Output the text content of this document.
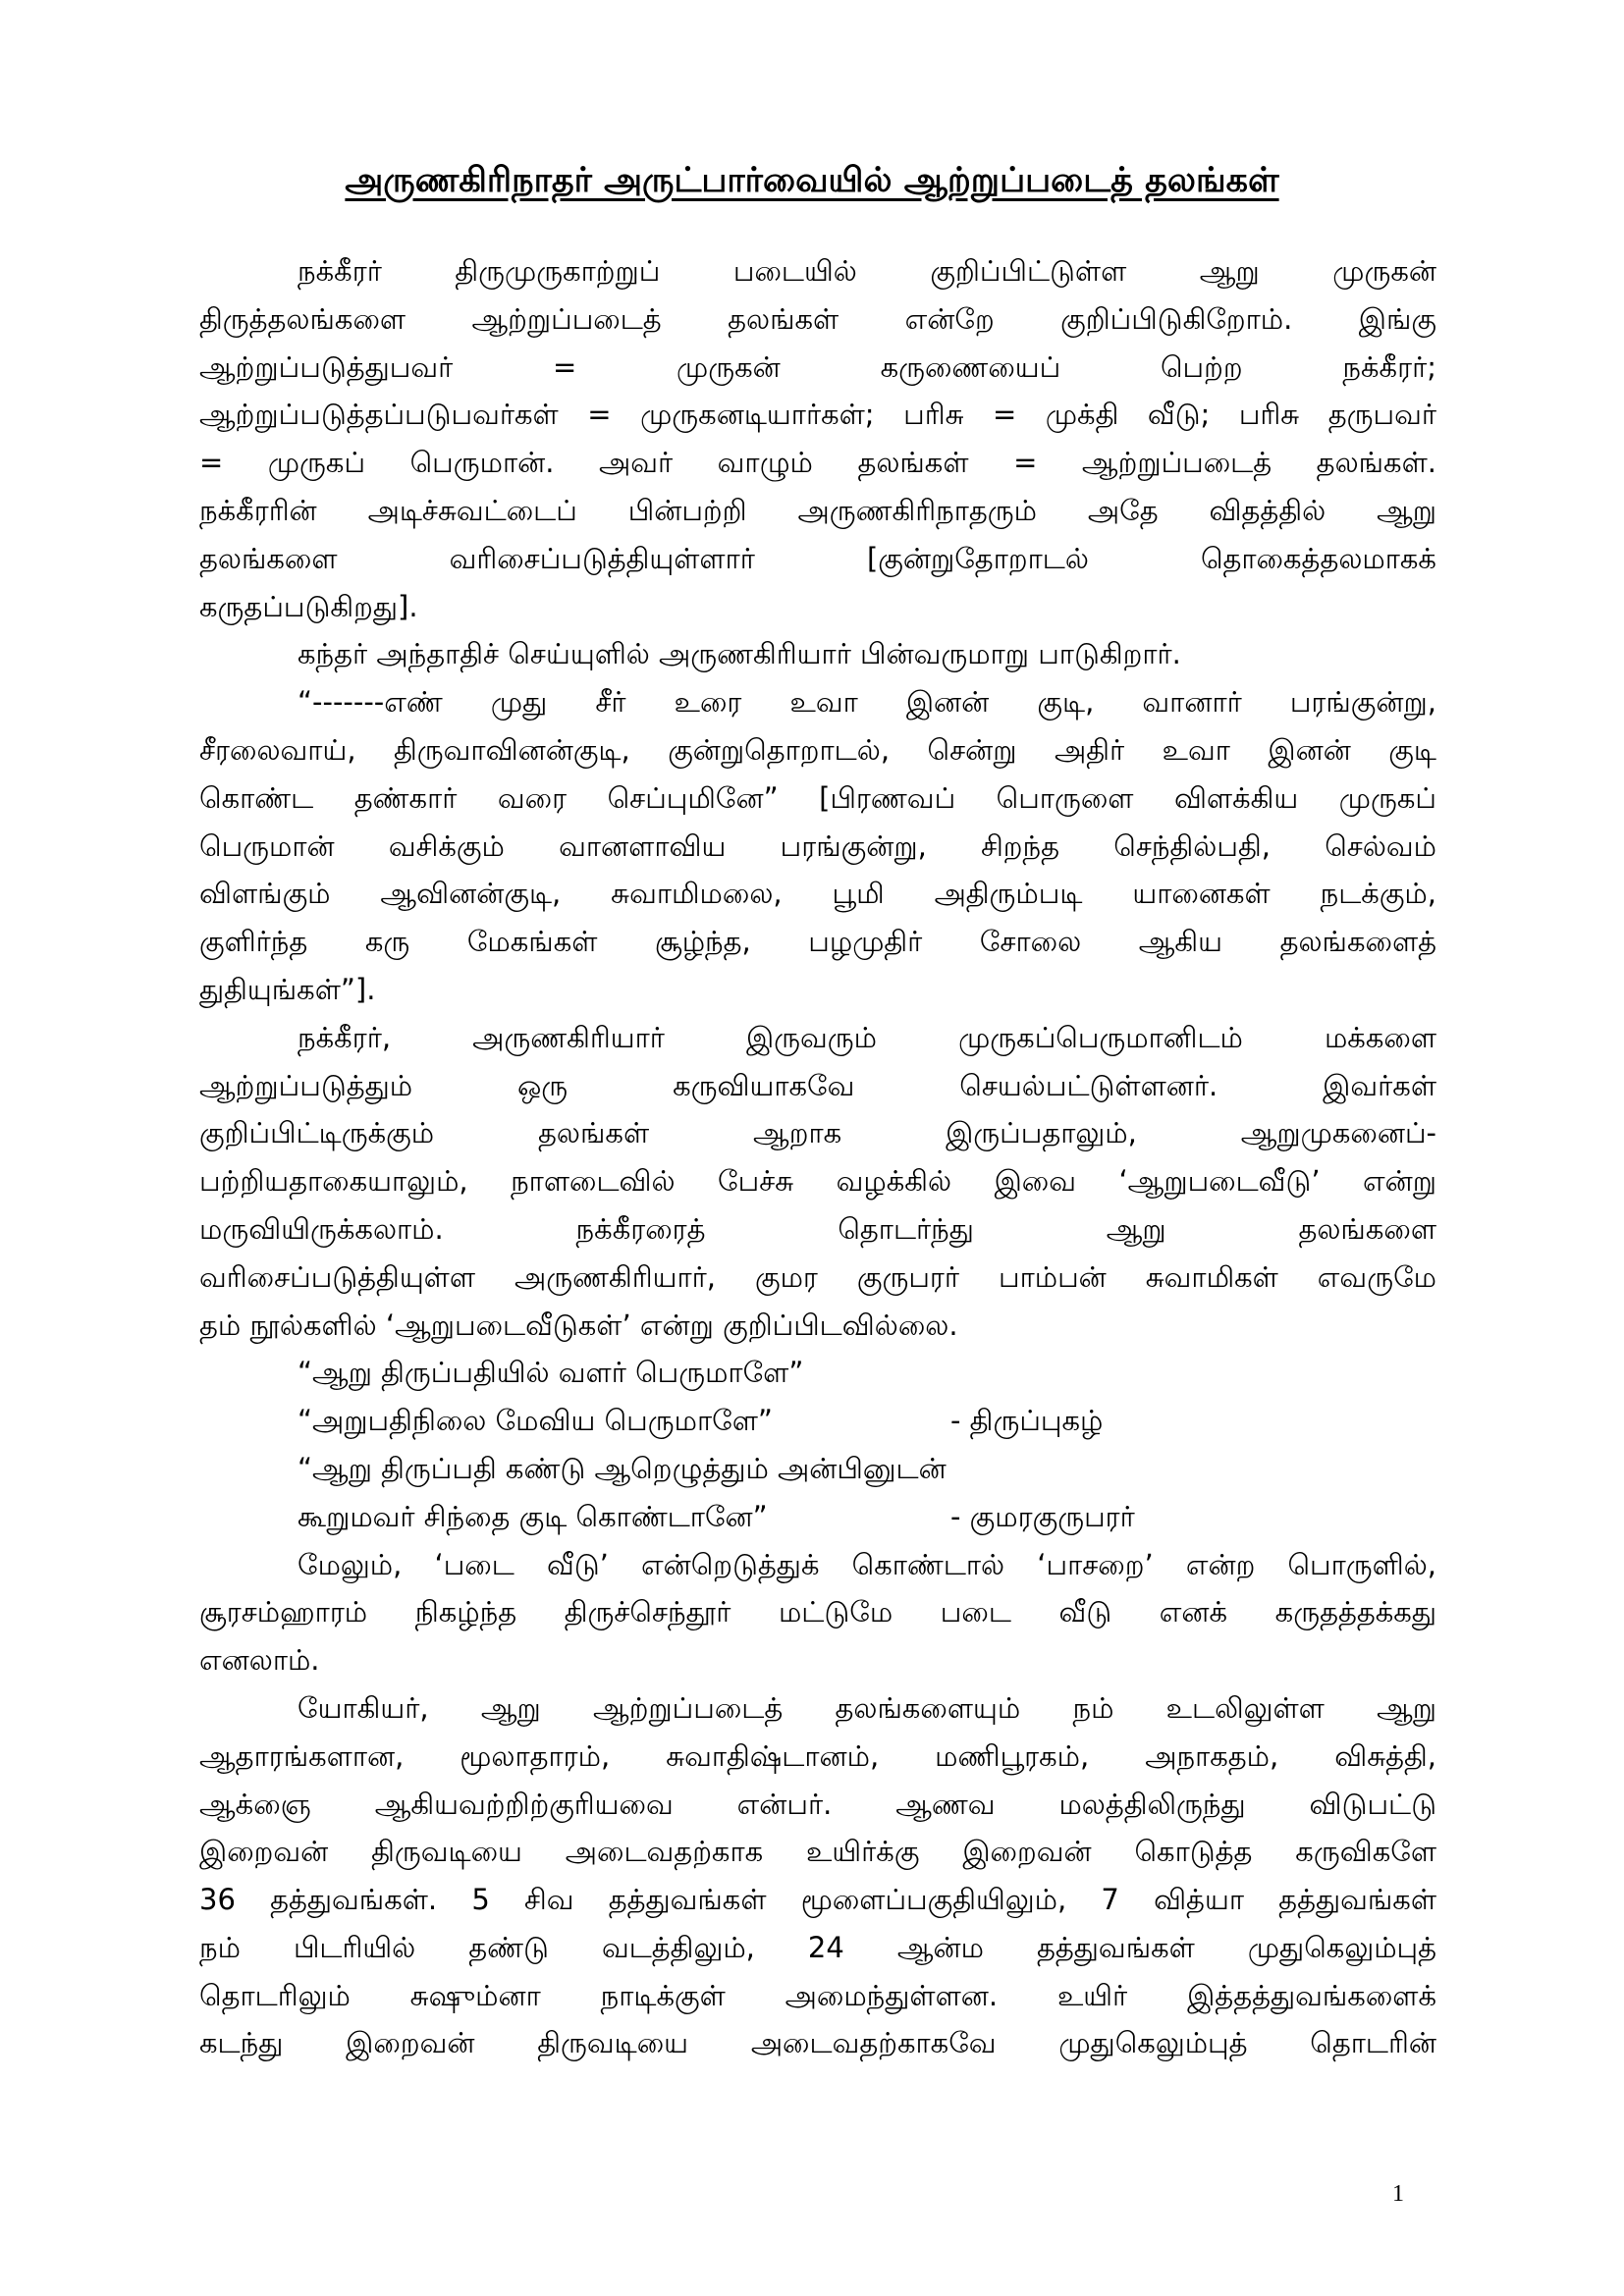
அருணகிரிநாதர் அருட்பார்வையில் ஆற்றுப்படைத் தலங்கள்
நக்கீரர் திருமுருகாற்றுப் படையில் குறிப்பிட்டுள்ள ஆறு முருகன்
திருத்தலங்களை ஆற்றுப்படைத் தலங்கள் என்றே குறிப்பிடுகிறோம். இங்கு
ஆற்றுப்படுத்துபவர் = முருகன் கருணையைப் பெற்ற நக்கீரர்;
ஆற்றுப்படுத்தப்படுபவர்கள் = முருகனடியார்கள்; பரிசு = முக்தி வீடு; பரிசு தருபவர்
= முருகப் பெருமான். அவர் வாழும் தலங்கள் = ஆற்றுப்படைத் தலங்கள்.
நக்கீரரின் அடிச்சுவட்டைப் பின்பற்றி அருணகிரிநாதரும் அதே விதத்தில் ஆறு
தலங்களை வரிசைப்படுத்தியுள்ளார் [குன்றுதோறாடல் தொகைத்தலமாகக்
கருதப்படுகிறது].
கந்தர் அந்தாதிச் செய்யுளில் அருணகிரியார் பின்வருமாறு பாடுகிறார்.
“-------எண் முது சீர் உரை உவா இனன் குடி, வானார் பரங்குன்று,
சீரலைவாய், திருவாவினன்குடி, குன்றுதொறாடல், சென்று அதிர் உவா இனன் குடி
கொண்ட தண்கார் வரை செப்புமினே” [பிரணவப் பொருளை விளக்கிய முருகப்
பெருமான் வசிக்கும் வானளாவிய பரங்குன்று, சிறந்த செந்தில்பதி, செல்வம்
விளங்கும் ஆவினன்குடி, சுவாமிமலை, பூமி அதிரும்படி யானைகள் நடக்கும்,
குளிர்ந்த கரு மேகங்கள் சூழ்ந்த, பழமுதிர் சோலை ஆகிய தலங்களைத்
துதியுங்கள்”].
நக்கீரர், அருணகிரியார் இருவரும் முருகப்பெருமானிடம் மக்களை
ஆற்றுப்படுத்தும் ஒரு கருவியாகவே செயல்பட்டுள்ளனர். இவர்கள்
குறிப்பிட்டிருக்கும் தலங்கள் ஆறாக இருப்பதாலும், ஆறுமுகனைப்-
பற்றியதாகையாலும், நாளடைவில் பேச்சு வழக்கில் இவை ‘ஆறுபடைவீடு’ என்று
மருவியிருக்கலாம். நக்கீரரைத் தொடர்ந்து ஆறு தலங்களை
வரிசைப்படுத்தியுள்ள அருணகிரியார், குமர குருபரர் பாம்பன் சுவாமிகள் எவருமே
தம் நூல்களில் ‘ஆறுபடைவீடுகள்’ என்று குறிப்பிடவில்லை.
“ஆறு திருப்பதியில் வளர் பெருமாளே”
“அறுபதிநிலை மேவிய பெருமாளே”	- திருப்புகழ்
“ஆறு திருப்பதி கண்டு ஆறெழுத்தும் அன்பினுடன்
கூறுமவர் சிந்தை குடி கொண்டானே”	- குமரகுருபரர்
மேலும், ‘படை வீடு’ என்றெடுத்துக் கொண்டால் ‘பாசறை’ என்ற பொருளில்,
சூரசம்ஹாரம் நிகழ்ந்த திருச்செந்தூர் மட்டுமே படை வீடு எனக் கருதத்தக்கது
எனலாம்.
யோகியர், ஆறு ஆற்றுப்படைத் தலங்களையும் நம் உடலிலுள்ள ஆறு
ஆதாரங்களான, மூலாதாரம், சுவாதிஷ்டானம், மணிபூரகம், அநாகதம், விசுத்தி,
ஆக்ஞை ஆகியவற்றிற்குரியவை என்பர். ஆணவ மலத்திலிருந்து விடுபட்டு
இறைவன் திருவடியை அடைவதற்காக உயிர்க்கு இறைவன் கொடுத்த கருவிகளே
36 தத்துவங்கள். 5 சிவ தத்துவங்கள் மூளைப்பகுதியிலும், 7 வித்யா தத்துவங்கள்
நம் பிடரியில் தண்டு வடத்திலும், 24 ஆன்ம தத்துவங்கள் முதுகெலும்புத்
தொடரிலும் சுஷும்னா நாடிக்குள் அமைந்துள்ளன. உயிர் இத்தத்துவங்களைக்
கடந்து இறைவன் திருவடியை அடைவதற்காகவே முதுகெலும்புத் தொடரின்
1
